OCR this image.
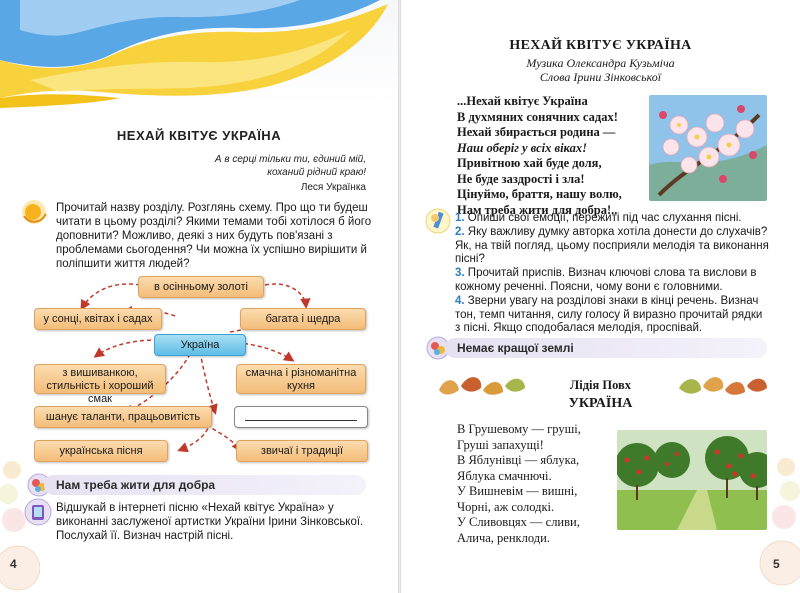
НЕХАЙ КВІТУЄ УКРАЇНА
А в серці тільки ти, єдиний мій,
коханий рідний краю!
Леся Українка
Прочитай назву розділу. Розглянь схему. Про що ти будеш читати в цьому розділі? Якими темами тобі хотілося б його доповнити? Можливо, деякі з них будуть пов'язані з проблемами сьогодення? Чи можна їх успішно вирішити й поліпшити життя людей?
в осінньому золоті
у сонці, квітах і садах	багата і щедра
Україна
з вишиванкою, стильність і хороший смак
смачна і різноманітна кухня
шанує таланти, працьовитість
українська пісня	звичаї і традиції
Нам треба жити для добра
Відшукай в інтернеті пісню «Нехай квітує Україна» у виконанні заслуженої артистки України Ірини Зінковської. Послухай її. Визнач настрій пісні.
4
НЕХАЙ КВІТУЄ УКРАЇНА
Музика Олександра Кузьміча
Слова Ірини Зінковської
...Нехай квітує Україна
В духмяних сонячних садах!
Нехай збирається родина —
Наш оберіг у всіх віках!
Привітною хай буде доля,
Не буде заздрості і зла!
Цінуймо, браття, нашу волю,
Нам треба жити для добра!..
1. Опиши свої емоції, пережиті під час слухання пісні.
2. Яку важливу думку авторка хотіла донести до слухачів? Як, на твій погляд, цьому посприяли мелодія та виконання пісні?
3. Прочитай приспів. Визнач ключові слова та вислови в кожному реченні. Поясни, чому вони є головними.
4. Зверни увагу на розділові знаки в кінці речень. Визнач тон, темп читання, силу голосу й виразно прочитай рядки з пісні. Якщо сподобалася мелодія, проспівай.
Немає кращої землі
Лідія Повх
УКРАЇНА
В Грушевому — груші,
Груші запахущі!
В Яблунівці — яблука,
Яблука смачнючі.
У Вишневім — вишні,
Чорні, аж солодкі.
У Сливовцях — сливи,
Алича, ренклоди.
5
